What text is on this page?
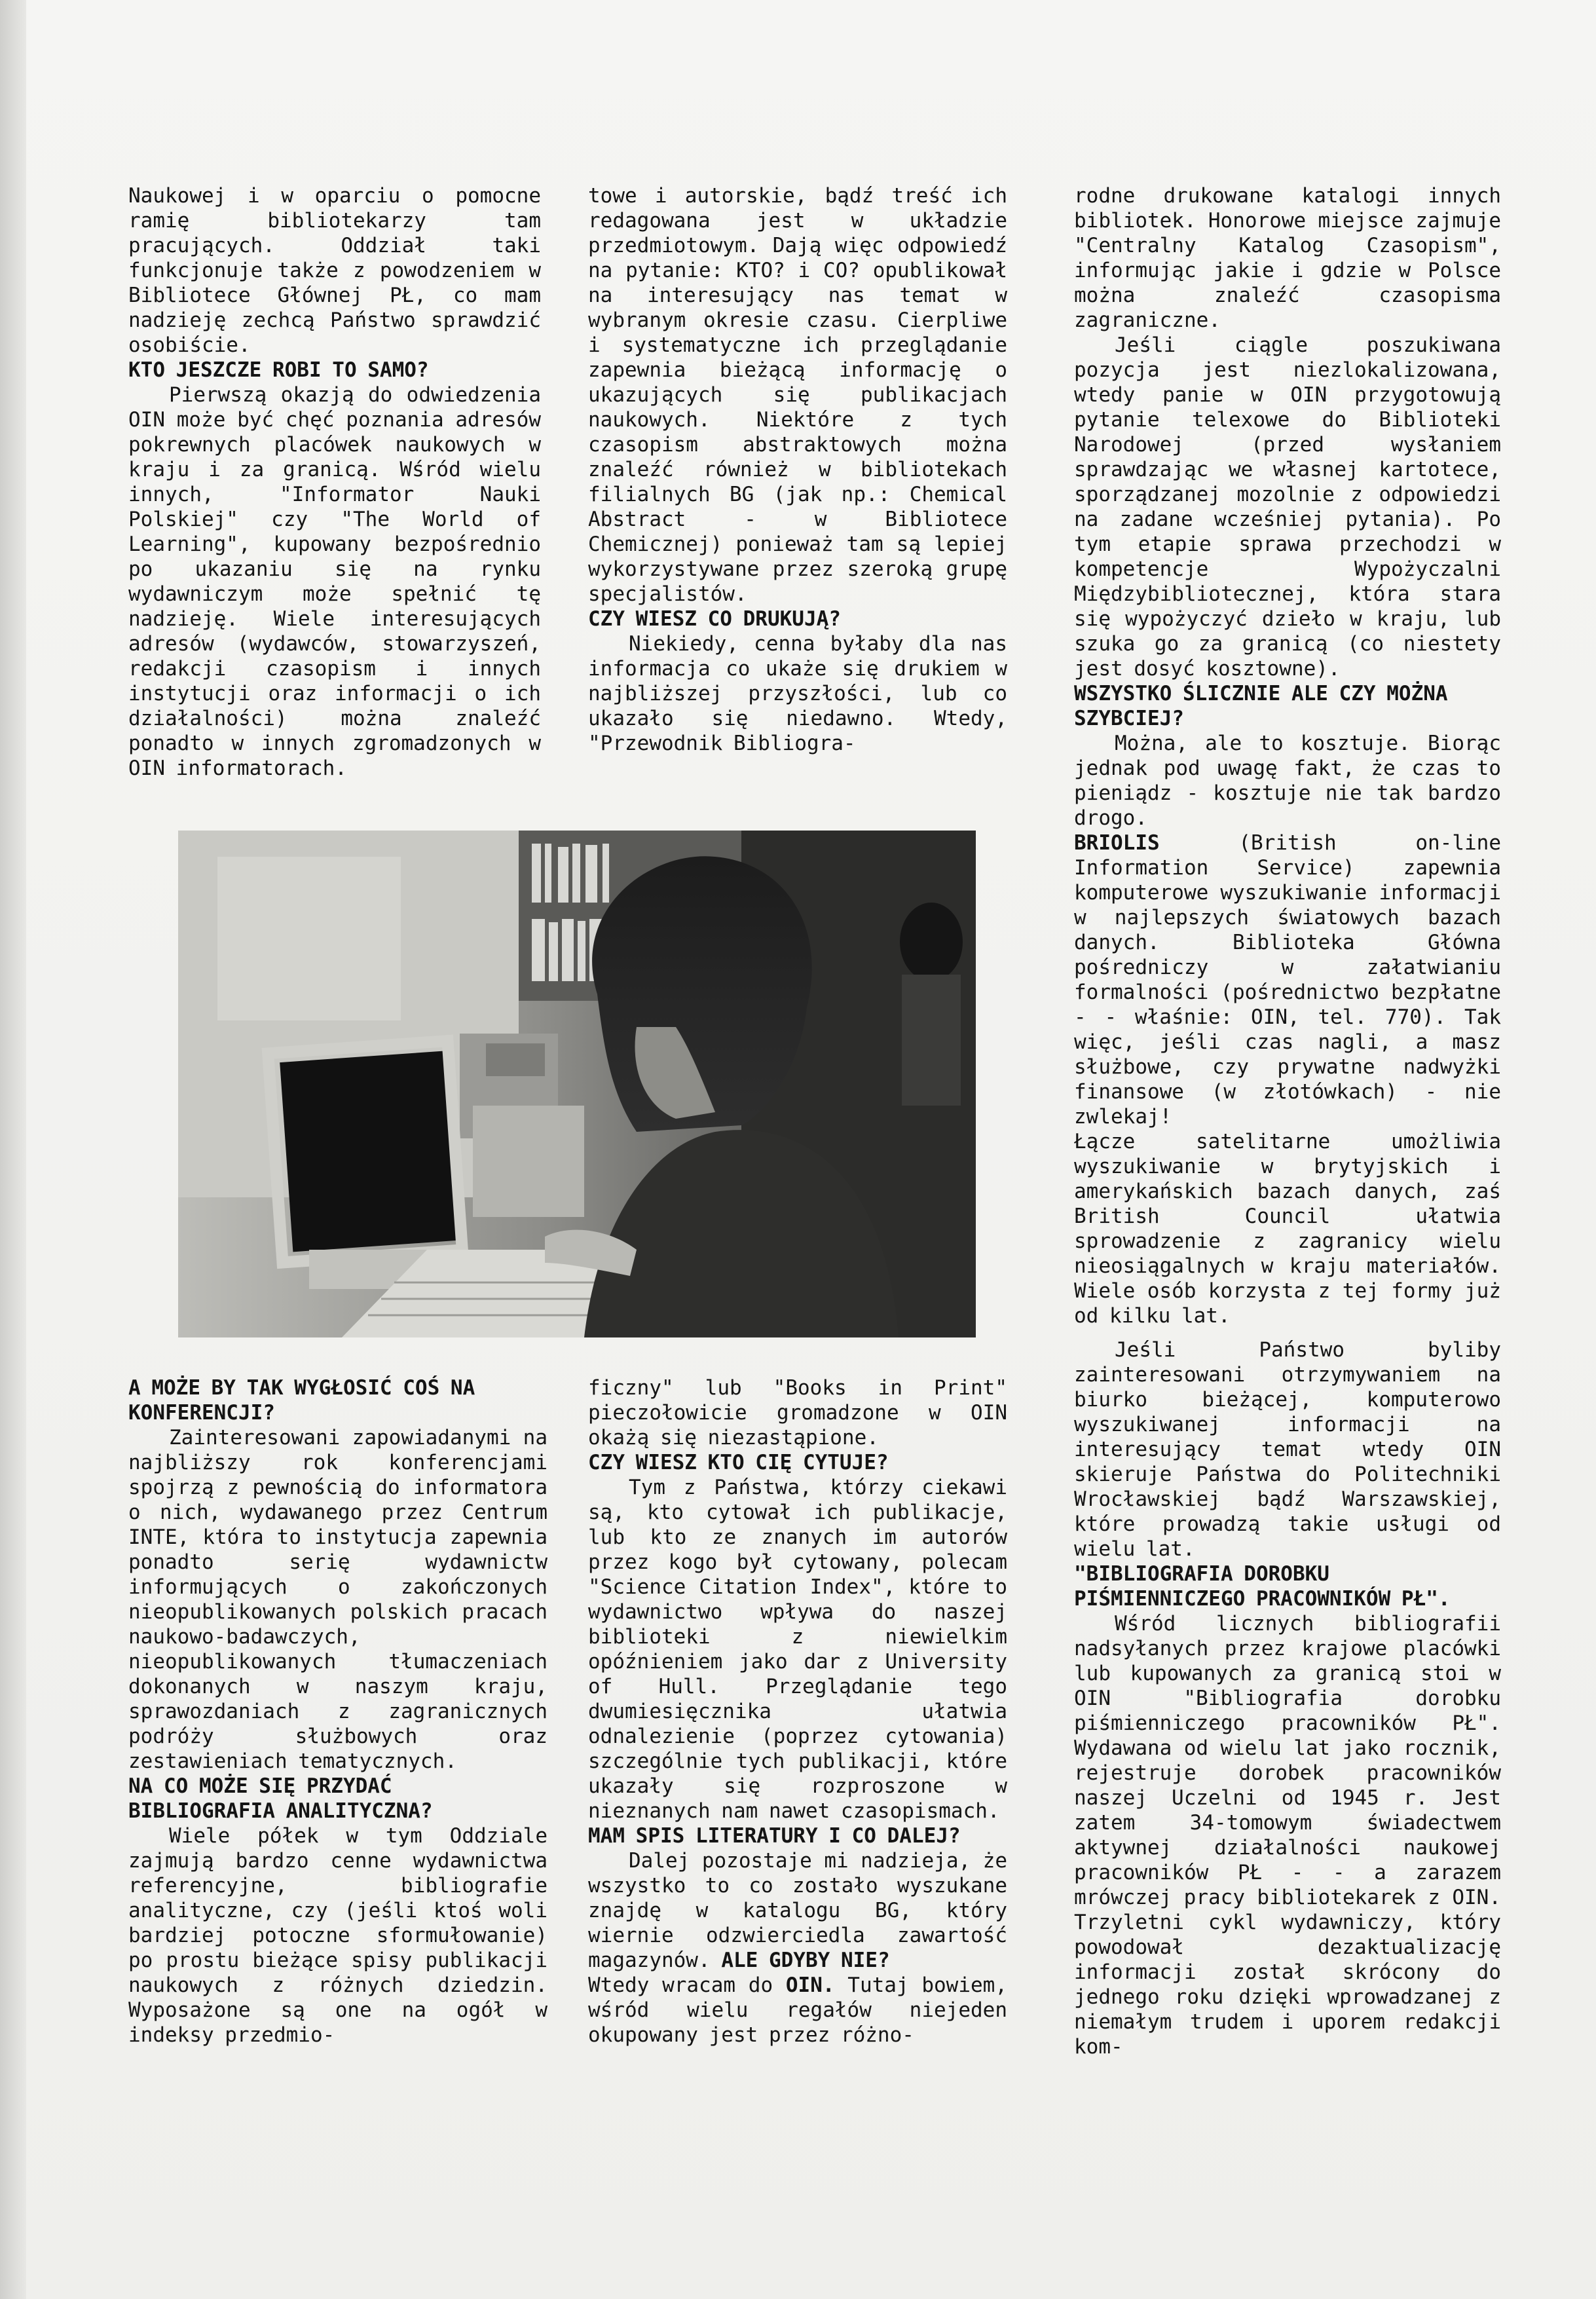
Naukowej i w oparciu o pomocne ramię bibliotekarzy tam pracujących. Oddział taki funkcjonuje także z powodzeniem w Bibliotece Głównej PŁ, co mam nadzieję zechcą Państwo sprawdzić osobiście.

KTO JESZCZE ROBI TO SAMO?

Pierwszą okazją do odwiedzenia OIN może być chęć poznania adresów pokrewnych placówek naukowych w kraju i za granicą. Wśród wielu innych, "Informator Nauki Polskiej" czy "The World of Learning", kupowany bezpośrednio po ukazaniu się na rynku wydawniczym może spełnić tę nadzieję. Wiele interesujących adresów (wydawców, stowarzyszeń, redakcji czasopism i innych instytucji oraz informacji o ich działalności) można znaleźć ponadto w innych zgromadzonych w OIN informatorach.

towe i autorskie, bądź treść ich redagowana jest w układzie przedmiotowym. Dają więc odpowiedź na pytanie: KTO? i CO? opublikował na interesujący nas temat w wybranym okresie czasu. Cierpliwe i systematyczne ich przeglądanie zapewnia bieżącą informację o ukazujących się publikacjach naukowych. Niektóre z tych czasopism abstraktowych można znaleźć również w bibliotekach filialnych BG (jak np.: Chemical Abstract - w Bibliotece Chemicznej) ponieważ tam są lepiej wykorzystywane przez szeroką grupę specjalistów.

CZY WIESZ CO DRUKUJĄ?

Niekiedy, cenna byłaby dla nas informacja co ukaże się drukiem w najbliższej przyszłości, lub co ukazało się niedawno. Wtedy, "Przewodnik Bibliogra-

rodne drukowane katalogi innych bibliotek. Honorowe miejsce zajmuje "Centralny Katalog Czasopism", informując jakie i gdzie w Polsce można znaleźć czasopisma zagraniczne.

Jeśli ciągle poszukiwana pozycja jest niezlokalizowana, wtedy panie w OIN przygotowują pytanie telexowe do Biblioteki Narodowej (przed wysłaniem sprawdzając we własnej kartotece, sporządzanej mozolnie z odpowiedzi na zadane wcześniej pytania). Po tym etapie sprawa przechodzi w kompetencje Wypożyczalni Międzybibliotecznej, która stara się wypożyczyć dzieło w kraju, lub szuka go za granicą (co niestety jest dosyć kosztowne).

WSZYSTKO ŚLICZNIE ALE CZY MOŻNA SZYBCIEJ?

Można, ale to kosztuje. Biorąc jednak pod uwagę fakt, że czas to pieniądz - kosztuje nie tak bardzo drogo.

BRIOLIS (British on-line Information Service) zapewnia komputerowe wyszukiwanie informacji w najlepszych światowych bazach danych. Biblioteka Główna pośredniczy w załatwianiu formalności (pośrednictwo bezpłatne - - właśnie: OIN, tel. 770). Tak więc, jeśli czas nagli, a masz służbowe, czy prywatne nadwyżki finansowe (w złotówkach) - nie zwlekaj!

Łącze satelitarne umożliwia wyszukiwanie w brytyjskich i amerykańskich bazach danych, zaś British Council ułatwia sprowadzenie z zagranicy wielu nieosiągalnych w kraju materiałów. Wiele osób korzysta z tej formy już od kilku lat.

A MOŻE BY TAK WYGŁOSIĆ COŚ NA KONFERENCJI?

Zainteresowani zapowiadanymi na najbliższy rok konferencjami spojrzą z pewnością do informatora o nich, wydawanego przez Centrum INTE, która to instytucja zapewnia ponadto serię wydawnictw informujących o zakończonych nieopublikowanych polskich pracach naukowo-badawczych, nieopublikowanych tłumaczeniach dokonanych w naszym kraju, sprawozdaniach z zagranicznych podróży służbowych oraz zestawieniach tematycznych.

NA CO MOŻE SIĘ PRZYDAĆ BIBLIOGRAFIA ANALITYCZNA?

Wiele półek w tym Oddziale zajmują bardzo cenne wydawnictwa referencyjne, bibliografie analityczne, czy (jeśli ktoś woli bardziej potoczne sformułowanie) po prostu bieżące spisy publikacji naukowych z różnych dziedzin. Wyposażone są one na ogół w indeksy przedmio-

ficzny" lub "Books in Print" pieczołowicie gromadzone w OIN okażą się niezastąpione.

CZY WIESZ KTO CIĘ CYTUJE?

Tym z Państwa, którzy ciekawi są, kto cytował ich publikacje, lub kto ze znanych im autorów przez kogo był cytowany, polecam "Science Citation Index", które to wydawnictwo wpływa do naszej biblioteki z niewielkim opóźnieniem jako dar z University of Hull. Przeglądanie tego dwumiesięcznika ułatwia odnalezienie (poprzez cytowania) szczególnie tych publikacji, które ukazały się rozproszone w nieznanych nam nawet czasopismach.

MAM SPIS LITERATURY I CO DALEJ?

Dalej pozostaje mi nadzieja, że wszystko to co zostało wyszukane znajdę w katalogu BG, który wiernie odzwierciedla zawartość magazynów. ALE GDYBY NIE?

Wtedy wracam do OIN. Tutaj bowiem, wśród wielu regałów niejeden okupowany jest przez różno-

Jeśli Państwo byliby zainteresowani otrzymywaniem na biurko bieżącej, komputerowo wyszukiwanej informacji na interesujący temat wtedy OIN skieruje Państwa do Politechniki Wrocławskiej bądź Warszawskiej, które prowadzą takie usługi od wielu lat.

"BIBLIOGRAFIA DOROBKU PIŚMIENNICZEGO PRACOWNIKÓW PŁ".

Wśród licznych bibliografii nadsyłanych przez krajowe placówki lub kupowanych za granicą stoi w OIN "Bibliografia dorobku piśmienniczego pracowników PŁ". Wydawana od wielu lat jako rocznik, rejestruje dorobek pracowników naszej Uczelni od 1945 r. Jest zatem 34-tomowym świadectwem aktywnej działalności naukowej pracowników PŁ - - a zarazem mrówczej pracy bibliotekarek z OIN. Trzyletni cykl wydawniczy, który powodował dezaktualizację informacji został skrócony do jednego roku dzięki wprowadzanej z niemałym trudem i uporem redakcji kom-
